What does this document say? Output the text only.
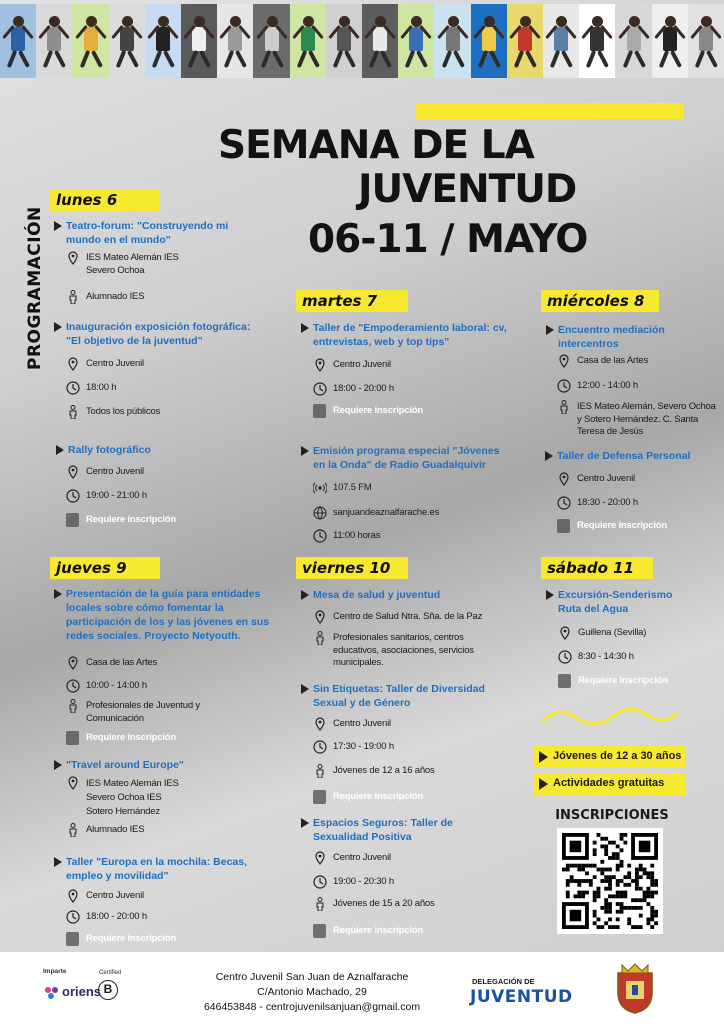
SEMANA DE LA
JUVENTUD
06-11 / MAYO
PROGRAMACIÓN
lunes 6
Teatro-forum: "Construyendo mi mundo en el mundo"
IES Mateo Alemán IES Severo Ochoa
Alumnado IES
Inauguración exposición fotográfica: "El objetivo de la juventud"
Centro Juvenil
18:00 h
Todos los públicos
Rally fotográfico
Centro Juvenil
19:00 - 21:00 h
Requiere inscripción
martes 7
Taller de "Empoderamiento laboral: cv, entrevistas, web y top tips"
Centro Juvenil
18:00 - 20:00 h
Requiere inscripción
Emisión programa especial "Jóvenes en la Onda" de Radio Guadalquivir
107.5 FM
sanjuandeaznalfarache.es
11:00 horas
miércoles 8
Encuentro mediación intercentros
Casa de las Artes
12:00 - 14:00 h
IES Mateo Alemán, Severo Ochoa y Sotero Hernández. C. Santa Teresa de Jesús
Taller de Defensa Personal
Centro Juvenil
18:30 - 20:00 h
Requiere inscripción
jueves 9
Presentación de la guía para entidades locales sobre cómo fomentar la participación de los y las jóvenes en sus redes sociales. Proyecto Netyouth.
Casa de las Artes
10:00 - 14:00 h
Profesionales de Juventud y Comunicación
Requiere inscripción
"Travel around Europe"
IES Mateo Alemán IES Severo Ochoa IES Sotero Hernández
Alumnado IES
Taller "Europa en la mochila: Becas, empleo y movilidad"
Centro Juvenil
18:00 - 20:00 h
Requiere inscripción
viernes 10
Mesa de salud y juventud
Centro de Salud Ntra. Sña. de la Paz
Profesionales sanitarios, centros educativos, asociaciones, servicios municipales.
Sin Etiquetas: Taller de Diversidad Sexual y de Género
Centro Juvenil
17:30 - 19:00 h
Jóvenes de 12 a 16 años
Requiere inscripción
Espacios Seguros: Taller de Sexualidad Positiva
Centro Juvenil
19:00 - 20:30 h
Jóvenes de 15 a 20 años
Requiere inscripción
sábado 11
Excursión-Senderismo Ruta del Agua
Guillena (Sevilla)
8:30 - 14:30 h
Requiere inscripción
Jóvenes de 12 a 30 años
Actividades gratuitas
INSCRIPCIONES
Imparte
oriens
Certified
B
Centro Juvenil San Juan de Aznalfarache
C/Antonio Machado, 29
646453848 - centrojuvenilsanjuan@gmail.com
DELEGACIÓN DE
JUVENTUD
